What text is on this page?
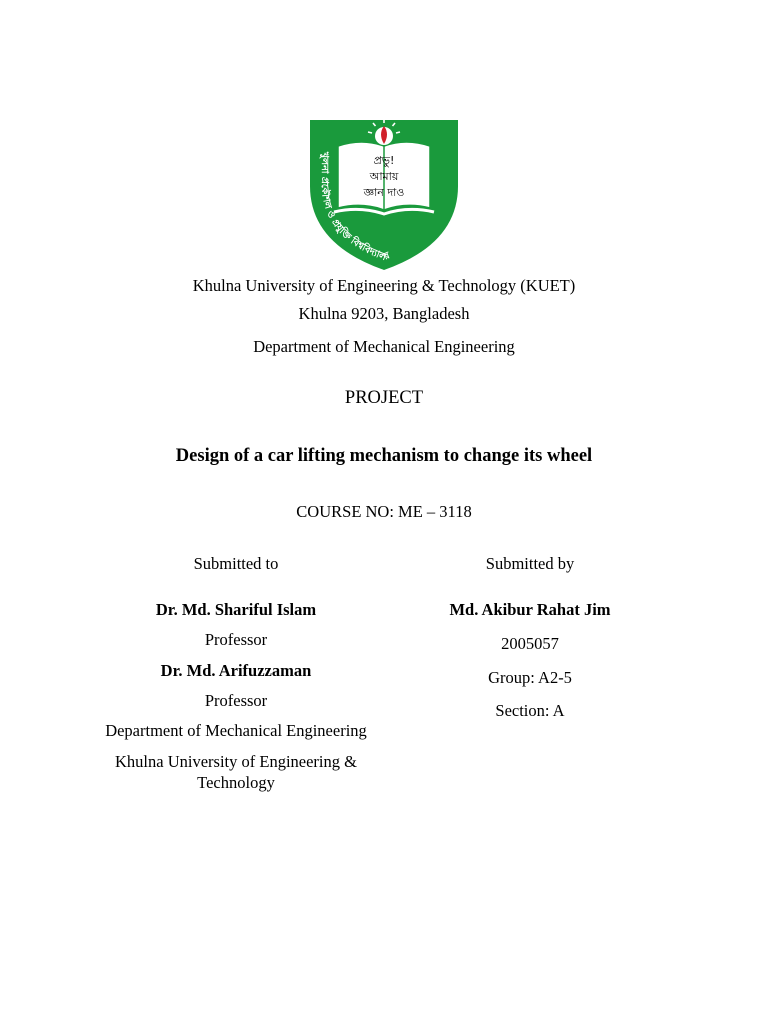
প্রভু!
আমায়
জ্ঞান দাও
খুলনা প্রকৌশল ও প্রযুক্তি বিশ্ববিদ্যালয়
Khulna University of Engineering & Technology (KUET)
Khulna 9203, Bangladesh
Department of Mechanical Engineering
PROJECT
Design of a car lifting mechanism to change its wheel
COURSE NO: ME – 3118
Submitted to
Dr. Md. Shariful Islam
Professor
Dr. Md. Arifuzzaman
Professor
Department of Mechanical Engineering
Khulna University of Engineering &
Technology
Submitted by
Md. Akibur Rahat Jim
2005057
Group: A2-5
Section: A
